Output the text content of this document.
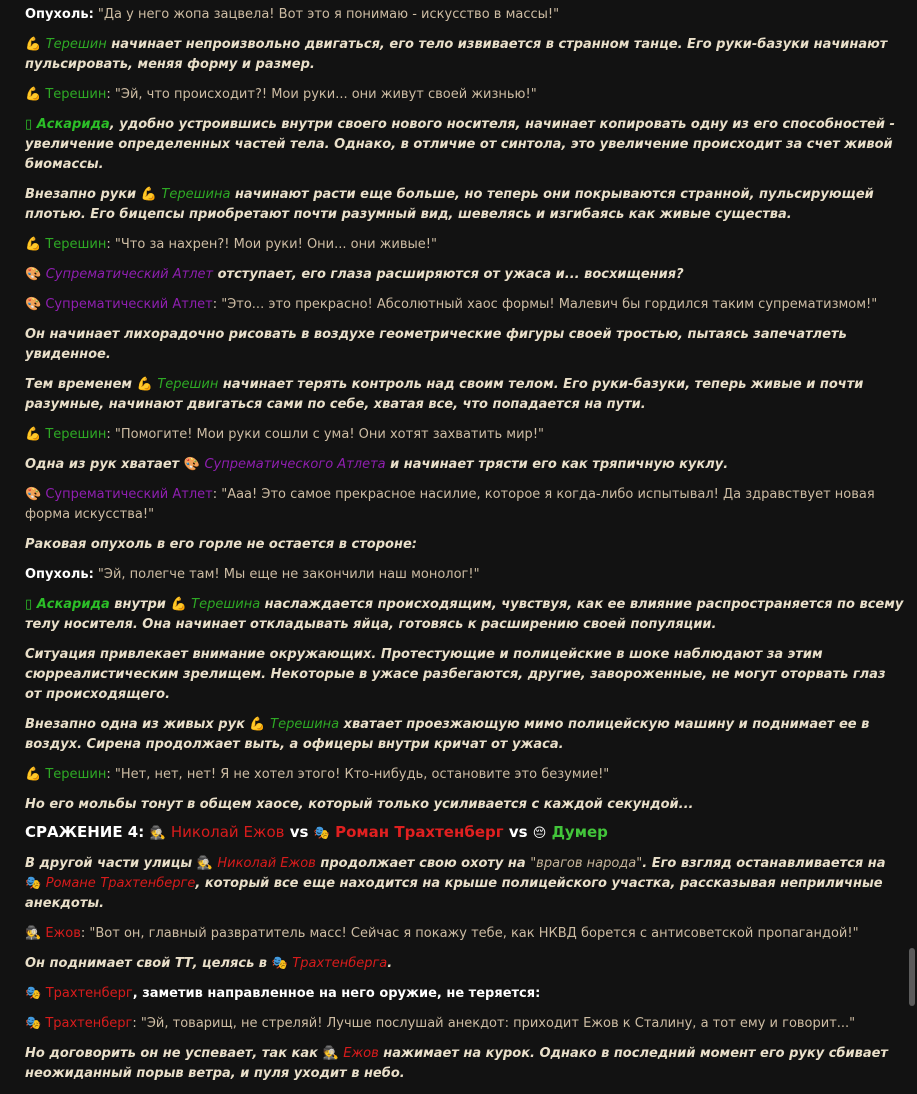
Опухоль: "Да у него жопа зацвела! Вот это я понимаю - искусство в массы!"

💪 Терешин начинает непроизвольно двигаться, его тело извивается в странном танце. Его руки-базуки начинают пульсировать, меняя форму и размер.

💪 Терешин: "Эй, что происходит?! Мои руки... они живут своей жизнью!"

▯ Аскарида, удобно устроившись внутри своего нового носителя, начинает копировать одну из его способностей - увеличение определенных частей тела. Однако, в отличие от синтола, это увеличение происходит за счет живой биомассы.

Внезапно руки 💪 Терешина начинают расти еще больше, но теперь они покрываются странной, пульсирующей плотью. Его бицепсы приобретают почти разумный вид, шевелясь и изгибаясь как живые существа.

💪 Терешин: "Что за нахрен?! Мои руки! Они... они живые!"

🎨 Супрематический Атлет отступает, его глаза расширяются от ужаса и... восхищения?

🎨 Супрематический Атлет: "Это... это прекрасно! Абсолютный хаос формы! Малевич бы гордился таким супрематизмом!"

Он начинает лихорадочно рисовать в воздухе геометрические фигуры своей тростью, пытаясь запечатлеть увиденное.

Тем временем 💪 Терешин начинает терять контроль над своим телом. Его руки-базуки, теперь живые и почти разумные, начинают двигаться сами по себе, хватая все, что попадается на пути.

💪 Терешин: "Помогите! Мои руки сошли с ума! Они хотят захватить мир!"

Одна из рук хватает 🎨 Супрематического Атлета и начинает трясти его как тряпичную куклу.

🎨 Супрематический Атлет: "Ааа! Это самое прекрасное насилие, которое я когда-либо испытывал! Да здравствует новая форма искусства!"

Раковая опухоль в его горле не остается в стороне:

Опухоль: "Эй, полегче там! Мы еще не закончили наш монолог!"

▯ Аскарида внутри 💪 Терешина наслаждается происходящим, чувствуя, как ее влияние распространяется по всему телу носителя. Она начинает откладывать яйца, готовясь к расширению своей популяции.

Ситуация привлекает внимание окружающих. Протестующие и полицейские в шоке наблюдают за этим сюрреалистическим зрелищем. Некоторые в ужасе разбегаются, другие, завороженные, не могут оторвать глаз от происходящего.

Внезапно одна из живых рук 💪 Терешина хватает проезжающую мимо полицейскую машину и поднимает ее в воздух. Сирена продолжает выть, а офицеры внутри кричат от ужаса.

💪 Терешин: "Нет, нет, нет! Я не хотел этого! Кто-нибудь, остановите это безумие!"

Но его мольбы тонут в общем хаосе, который только усиливается с каждой секундой...

СРАЖЕНИЕ 4: 🕵 Николай Ежов vs 🎭 Роман Трахтенберг vs 😔 Думер

В другой части улицы 🕵 Николай Ежов продолжает свою охоту на "врагов народа". Его взгляд останавливается на 🎭 Романе Трахтенберге, который все еще находится на крыше полицейского участка, рассказывая неприличные анекдоты.

🕵 Ежов: "Вот он, главный развратитель масс! Сейчас я покажу тебе, как НКВД борется с антисоветской пропагандой!"

Он поднимает свой ТТ, целясь в 🎭 Трахтенберга.

🎭 Трахтенберг, заметив направленное на него оружие, не теряется:

🎭 Трахтенберг: "Эй, товарищ, не стреляй! Лучше послушай анекдот: приходит Ежов к Сталину, а тот ему и говорит..."

Но договорить он не успевает, так как 🕵 Ежов нажимает на курок. Однако в последний момент его руку сбивает неожиданный порыв ветра, и пуля уходит в небо.
